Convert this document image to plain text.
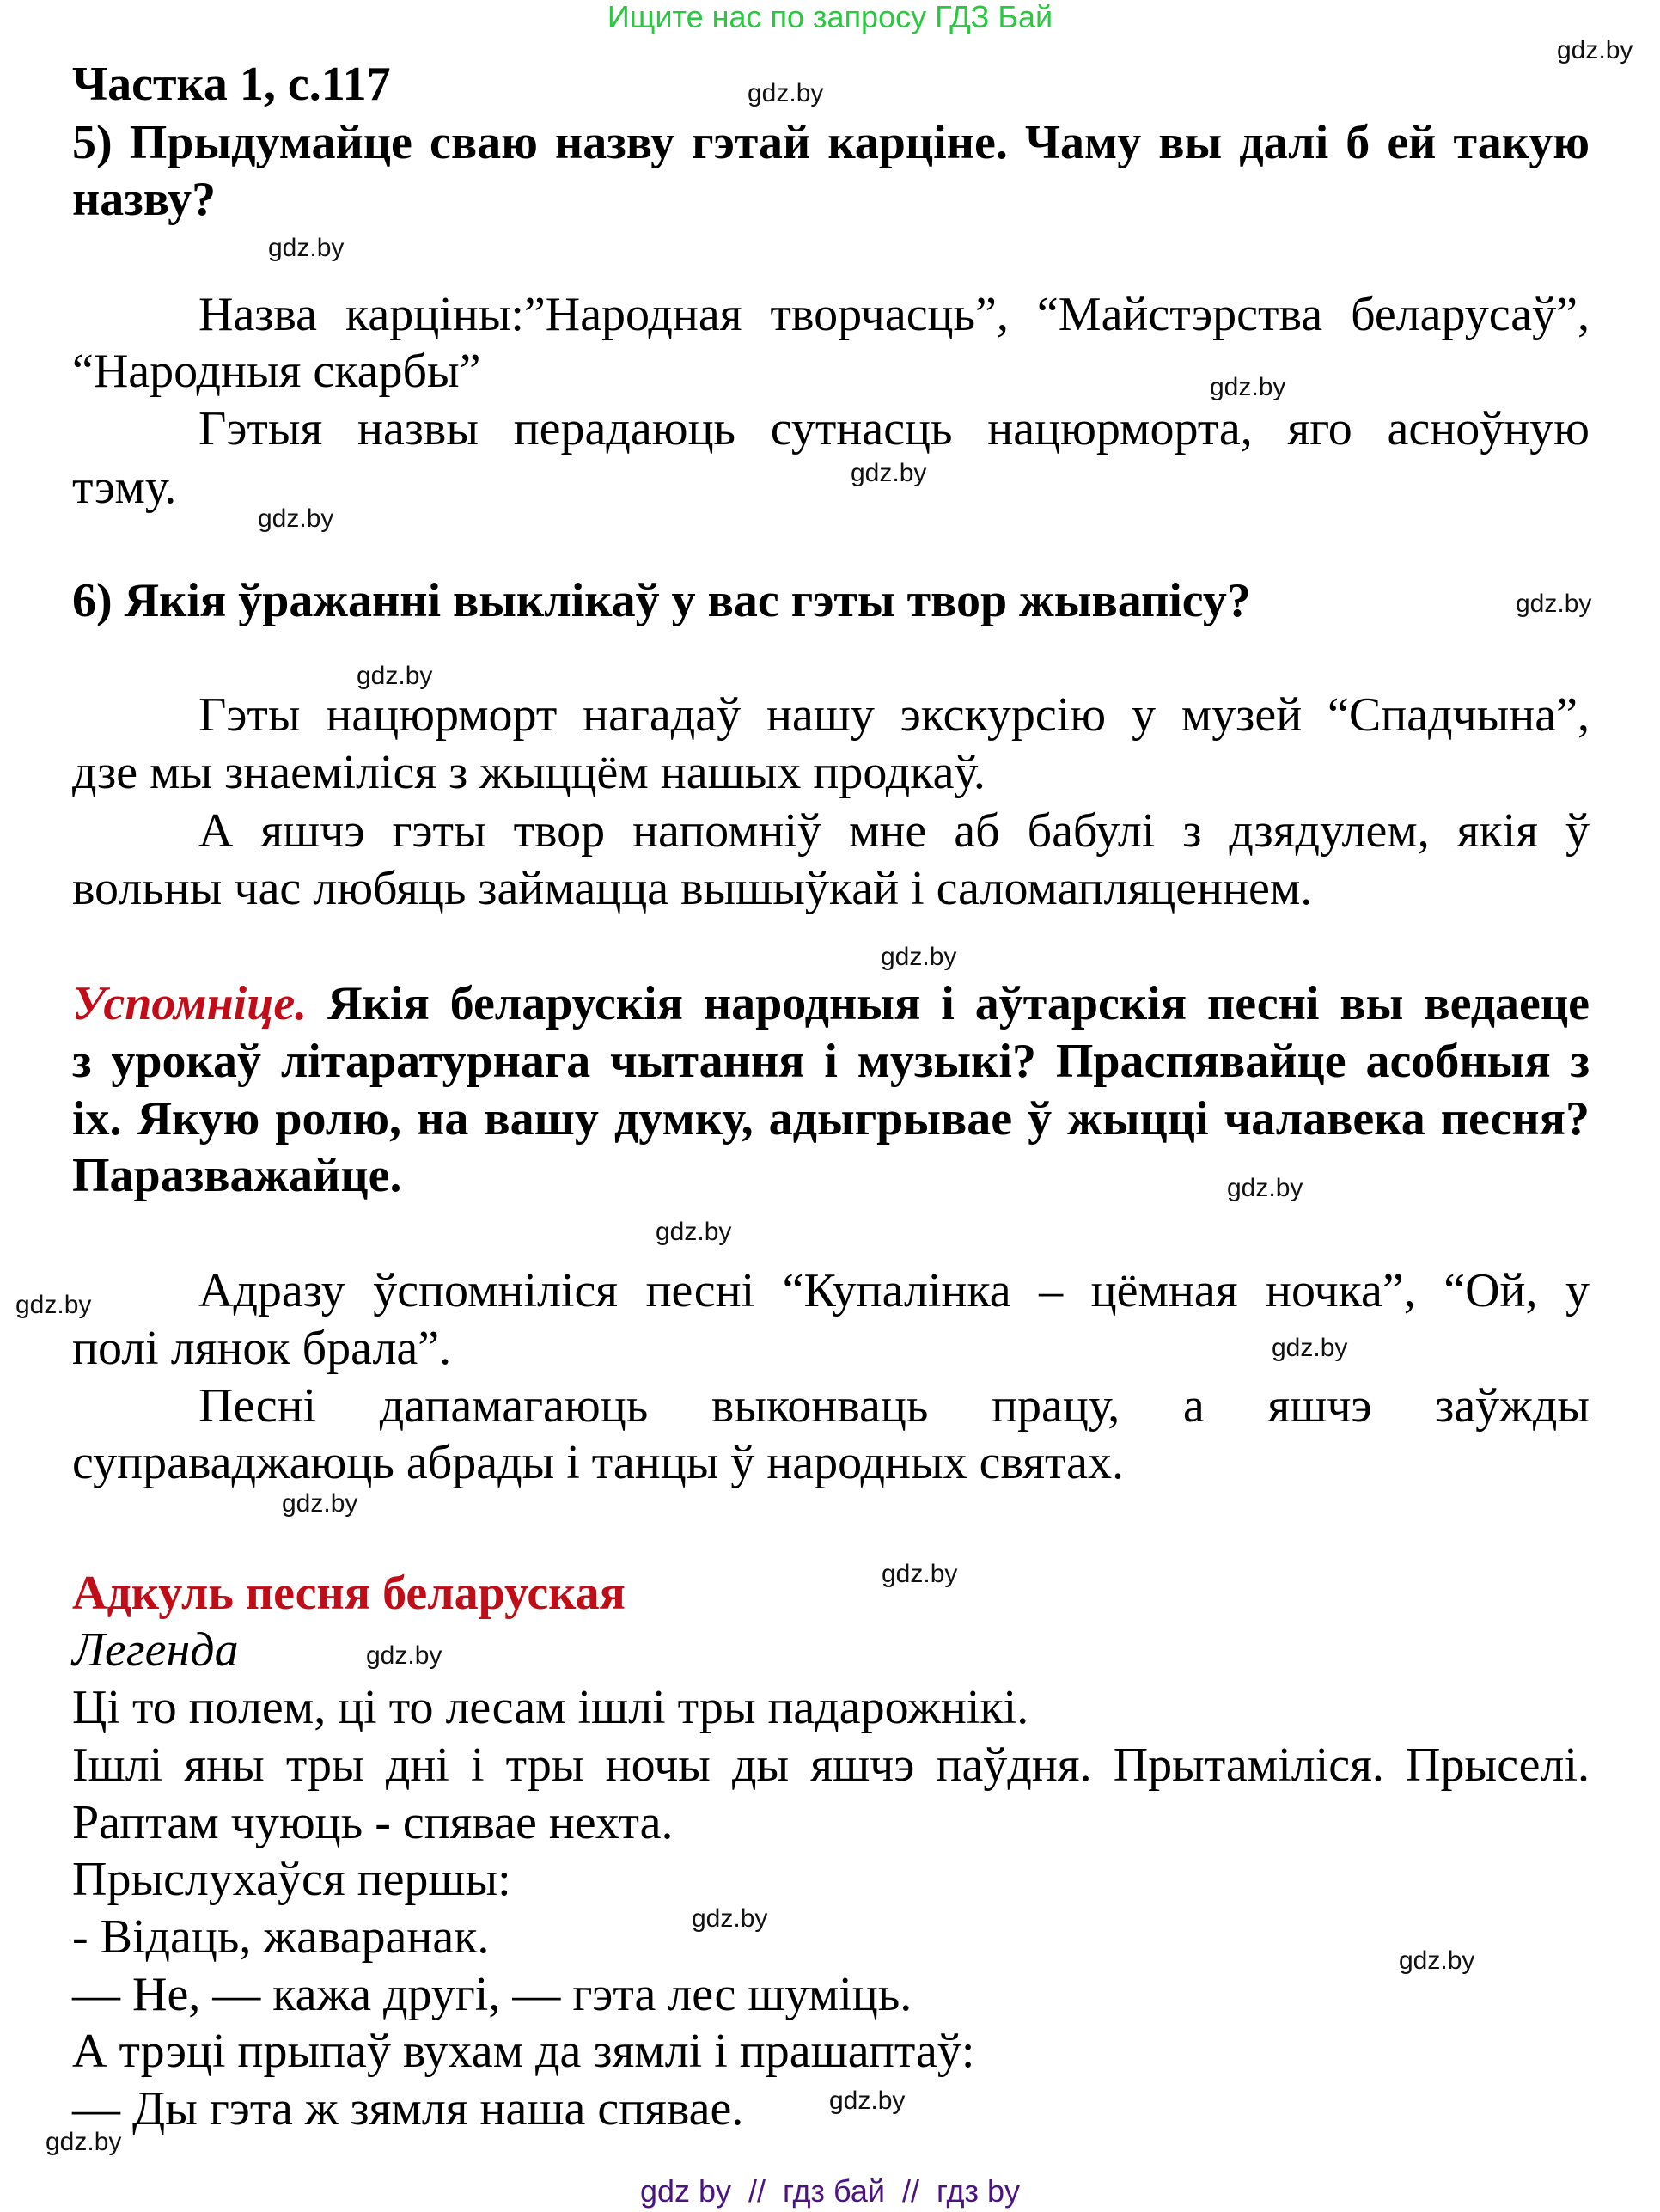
Ищите нас по запросу ГДЗ Бай
Частка 1, с.117
5) Прыдумайце сваю назву гэтай карціне. Чаму вы далі б ей такую
назву?
Назва карціны:”Народная творчасць”, “Майстэрства беларусаў”,
“Народныя скарбы”
Гэтыя назвы перадаюць сутнасць нацюрморта, яго асноўную
тэму.
6) Якія ўражанні выклікаў у вас гэты твор жывапісу?
Гэты нацюрморт нагадаў нашу экскурсію у музей “Спадчына”,
дзе мы знаеміліся з жыццём нашых продкаў.
А яшчэ гэты твор напомніў мне аб бабулі з дзядулем, якія ў
вольны час любяць займацца вышыўкай і саломапляценнем.
Успомніце. Якія беларускія народныя і аўтарскія песні вы ведаеце
з урокаў літаратурнага чытання і музыкі? Праспявайце асобныя з
іх. Якую ролю, на вашу думку, адыгрывае ў жыцці чалавека песня?
Паразважайце.
Адразу ўспомніліся песні “Купалінка – цёмная ночка”, “Ой, у
полі лянок брала”.
Песні дапамагаюць выконваць працу, а яшчэ заўжды
суправаджаюць абрады і танцы ў народных святах.
Адкуль песня беларуская
Легенда
Ці то полем, ці то лесам ішлі тры падарожнікі.
Ішлі яны тры дні і тры ночы ды яшчэ паўдня. Прытаміліся. Прыселі.
Раптам чуюць - спявае нехта.
Прыслухаўся першы:
- Відаць, жаваранак.
— Не, — кажа другі, — гэта лес шуміць.
А трэці прыпаў вухам да зямлі і прашаптаў:
— Ды гэта ж зямля наша спявае.
gdz.by
gdz.by
gdz.by
gdz.by
gdz.by
gdz.by
gdz.by
gdz.by
gdz.by
gdz.by
gdz.by
gdz.by
gdz.by
gdz.by
gdz.by
gdz.by
gdz.by
gdz.by
gdz.by
gdz.by
gdz by  //  гдз бай  //  гдз by
